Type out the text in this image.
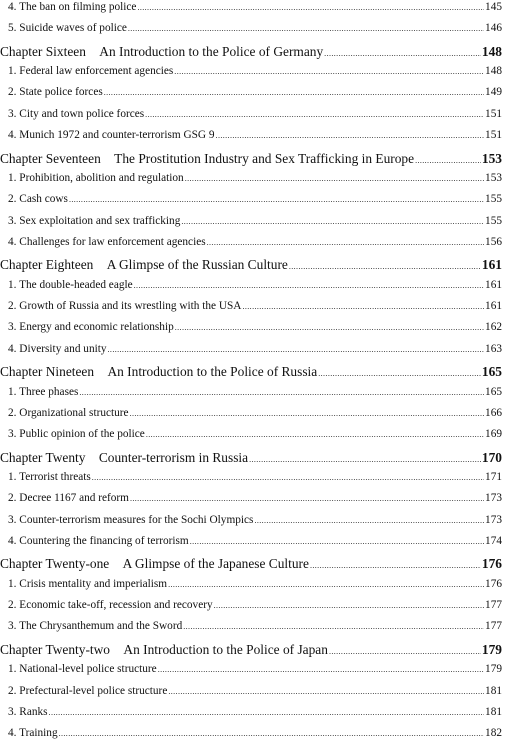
4. The ban on filming police .....	145
5. Suicide waves of police .....	146
Chapter Sixteen An Introduction to the Police of Germany .....	148
1. Federal law enforcement agencies .....	148
2. State police forces .....	149
3. City and town police forces .....	151
4. Munich 1972 and counter-terrorism GSG 9 .....	151
Chapter Seventeen The Prostitution Industry and Sex Trafficking in Europe .....	153
1. Prohibition, abolition and regulation .....	153
2. Cash cows .....	155
3. Sex exploitation and sex trafficking .....	155
4. Challenges for law enforcement agencies .....	156
Chapter Eighteen A Glimpse of the Russian Culture .....	161
1. The double-headed eagle .....	161
2. Growth of Russia and its wrestling with the USA .....	161
3. Energy and economic relationship .....	162
4. Diversity and unity .....	163
Chapter Nineteen An Introduction to the Police of Russia .....	165
1. Three phases .....	165
2. Organizational structure .....	166
3. Public opinion of the police .....	169
Chapter Twenty Counter-terrorism in Russia .....	170
1. Terrorist threats .....	171
2. Decree 1167 and reform .....	173
3. Counter-terrorism measures for the Sochi Olympics .....	173
4. Countering the financing of terrorism .....	174
Chapter Twenty-one A Glimpse of the Japanese Culture .....	176
1. Crisis mentality and imperialism .....	176
2. Economic take-off, recession and recovery .....	177
3. The Chrysanthemum and the Sword .....	177
Chapter Twenty-two An Introduction to the Police of Japan .....	179
1. National-level police structure .....	179
2. Prefectural-level police structure .....	181
3. Ranks .....	181
4. Training .....	182
